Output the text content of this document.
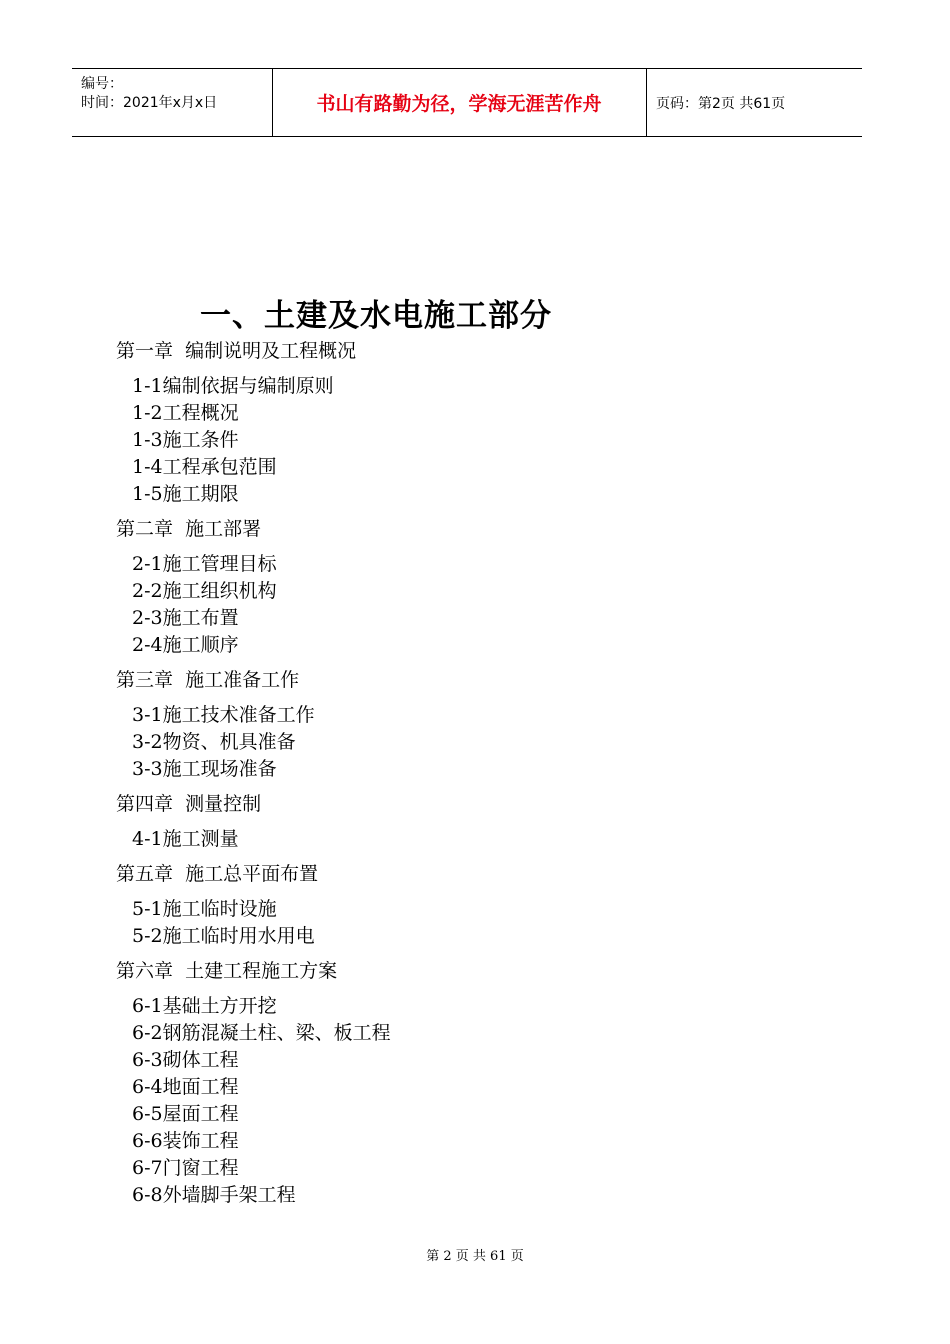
编号：
时间：2021年x月x日	书山有路勤为径，学海无涯苦作舟	页码：第2页 共61页
一、土建及水电施工部分
第一章  编制说明及工程概况
1-1编制依据与编制原则
1-2工程概况
1-3施工条件
1-4工程承包范围
1-5施工期限
第二章  施工部署
2-1施工管理目标
2-2施工组织机构
2-3施工布置
2-4施工顺序
第三章  施工准备工作
3-1施工技术准备工作
3-2物资、机具准备
3-3施工现场准备
第四章  测量控制
4-1施工测量
第五章  施工总平面布置
5-1施工临时设施
5-2施工临时用水用电
第六章  土建工程施工方案
6-1基础土方开挖
6-2钢筋混凝土柱、梁、板工程
6-3砌体工程
6-4地面工程
6-5屋面工程
6-6装饰工程
6-7门窗工程
6-8外墙脚手架工程
第 2 页 共 61 页
